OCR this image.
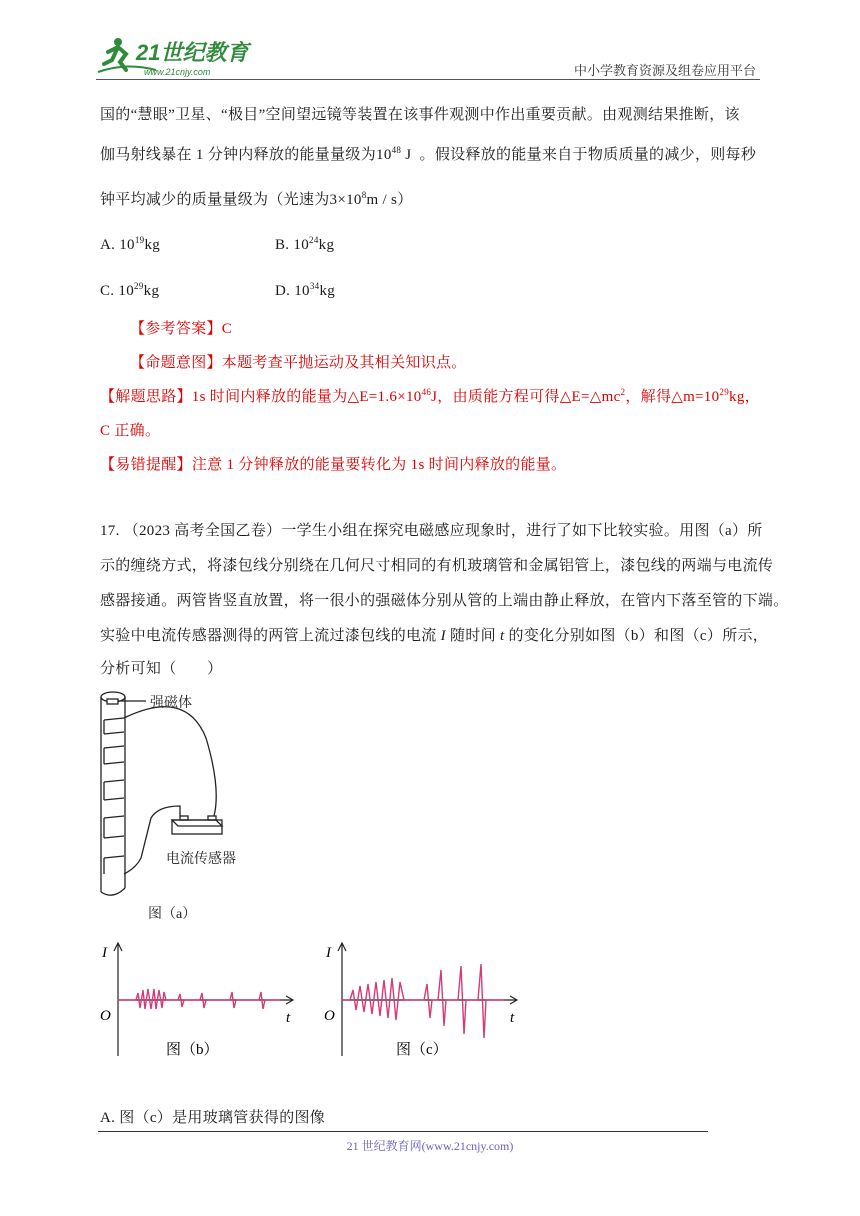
21世纪教育
www.21cnjy.com	中小学教育资源及组卷应用平台
国的“慧眼”卫星、“极目”空间望远镜等装置在该事件观测中作出重要贡献。由观测结果推断，该
伽马射线暴在 1 分钟内释放的能量量级为$10^{48}$ J 。假设释放的能量来自于物质质量的减少，则每秒
钟平均减少的质量量级为（光速为$3\times 10^8m / s$）
A. $10^{19}kg$	B. $10^{24}kg$
C. $10^{29}kg$	D. $10^{34}kg$
【参考答案】C
【命题意图】本题考查平抛运动及其相关知识点。
【解题思路】1s 时间内释放的能量为$\triangle E=1.6\times 10^{46}J$，由质能方程可得$\triangle E=\triangle mc^2$，解得$\triangle m=10^{29}kg$，
C 正确。
【易错提醒】注意 1 分钟释放的能量要转化为 1s 时间内释放的能量。
17. （2023 高考全国乙卷）一学生小组在探究电磁感应现象时，进行了如下比较实验。用图（a）所
示的缠绕方式，将漆包线分别绕在几何尺寸相同的有机玻璃管和金属铝管上，漆包线的两端与电流传
感器接通。两管皆竖直放置，将一很小的强磁体分别从管的上端由静止释放，在管内下落至管的下端。
实验中电流传感器测得的两管上流过漆包线的电流 I 随时间 t 的变化分别如图（b）和图（c）所示，
分析可知（　　）
强磁体
电流传感器
图（a）
I
O	t
图（b）
I
O	t
图（c）
A. 图（c）是用玻璃管获得的图像
21 世纪教育网(www.21cnjy.com)
